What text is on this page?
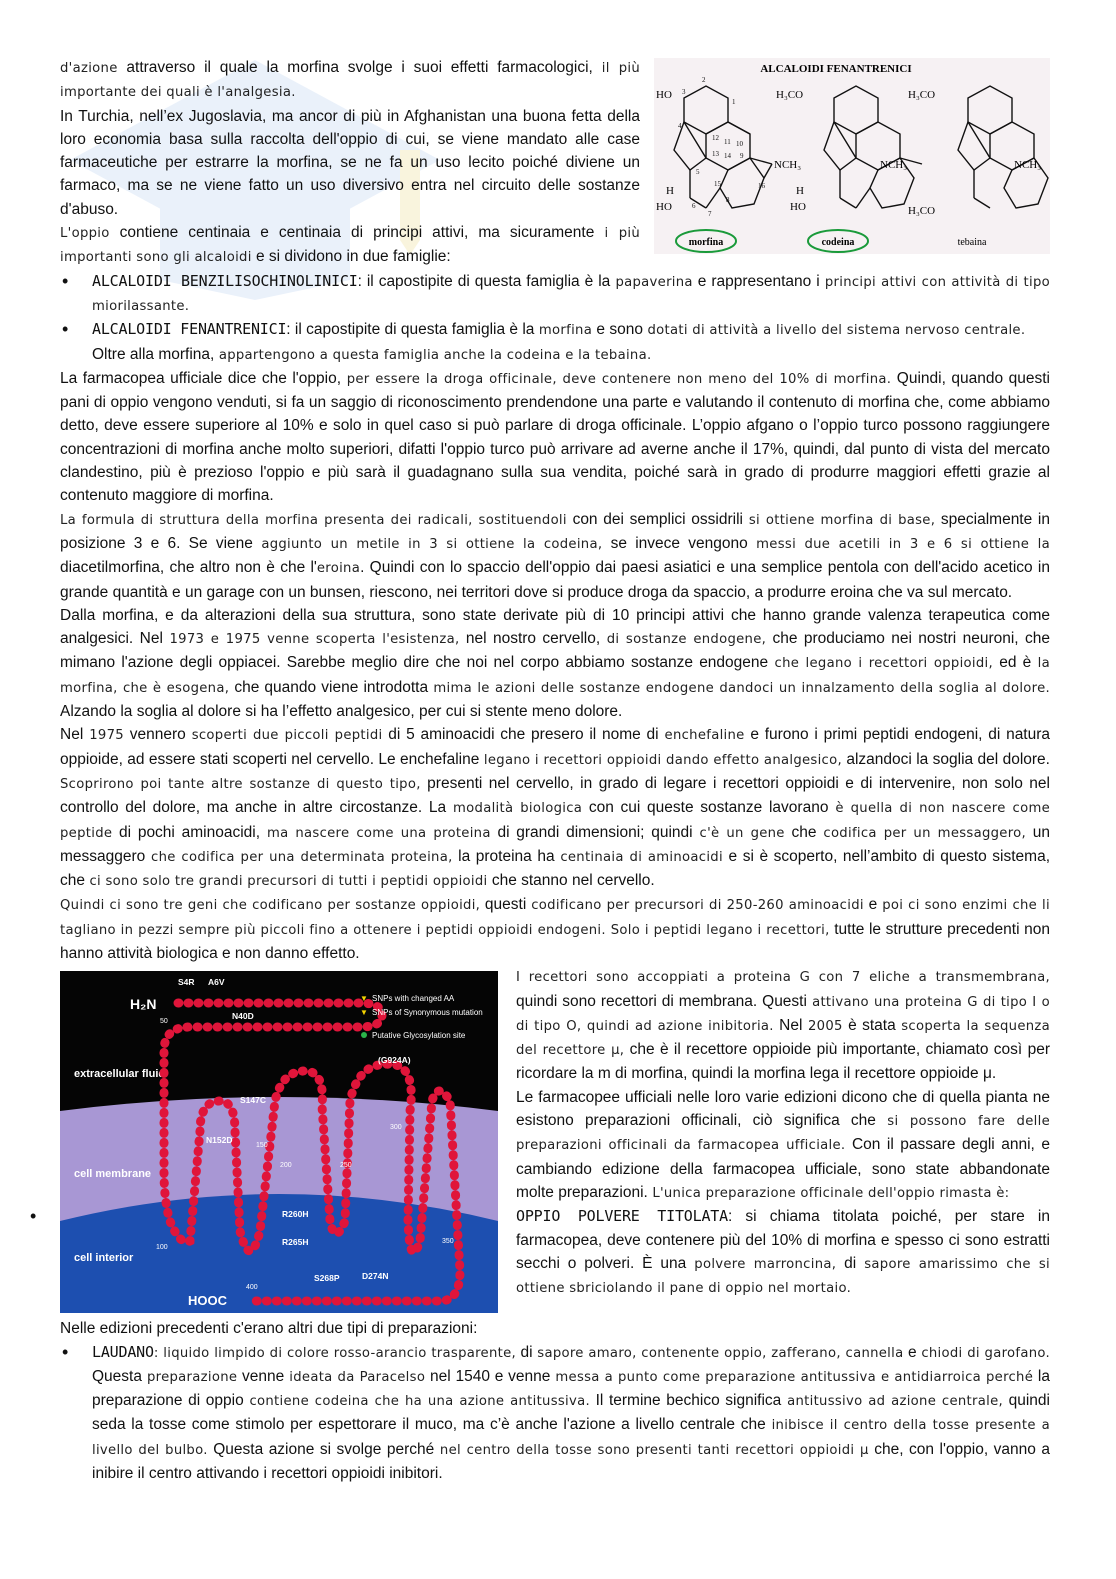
ALCALOIDI FENANTRENICI
HO
NCH₃
H
HO
2
3
1
4
12 11 10
13 14 9
5
15	16
6
7
8
H₃CO
NCH₃
H
HO
H₃CO
NCH₃
H₃CO
morfina	codeina	tebaina

d'azione attraverso il quale la morfina svolge i suoi effetti farmacologici, il più importante dei quali è l'analgesia.

In Turchia, nell’ex Jugoslavia, ma ancor di più in Afghanistan una buona fetta della loro economia basa sulla raccolta dell'oppio di cui, se viene mandato alle case farmaceutiche per estrarre la morfina, se ne fa un uso lecito poiché diviene un farmaco, ma se ne viene fatto un uso diversivo entra nel circuito delle sostanze d'abuso.

L'oppio contiene centinaia e centinaia di principi attivi, ma sicuramente i più importanti sono gli alcaloidi e si dividono in due famiglie:

• ALCALOIDI BENZILISOCHINOLINICI: il capostipite di questa famiglia è la papaverina e rappresentano i principi attivi con attività di tipo miorilassante.
• ALCALOIDI FENANTRENICI: il capostipite di questa famiglia è la morfina e sono dotati di attività a livello del sistema nervoso centrale.
Oltre alla morfina, appartengono a questa famiglia anche la codeina e la tebaina.

La farmacopea ufficiale dice che l'oppio, per essere la droga officinale, deve contenere non meno del 10% di morfina. Quindi, quando questi pani di oppio vengono venduti, si fa un saggio di riconoscimento prendendone una parte e valutando il contenuto di morfina che, come abbiamo detto, deve essere superiore al 10% e solo in quel caso si può parlare di droga officinale. L’oppio afgano o l’oppio turco possono raggiungere concentrazioni di morfina anche molto superiori, difatti l'oppio turco può arrivare ad averne anche il 17%, quindi, dal punto di vista del mercato clandestino, più è prezioso l'oppio e più sarà il guadagnano sulla sua vendita, poiché sarà in grado di produrre maggiori effetti grazie al contenuto maggiore di morfina.

La formula di struttura della morfina presenta dei radicali, sostituendoli con dei semplici ossidrili si ottiene morfina di base, specialmente in posizione 3 e 6. Se viene aggiunto un metile in 3 si ottiene la codeina, se invece vengono messi due acetili in 3 e 6 si ottiene la diacetilmorfina, che altro non è che l'eroina. Quindi con lo spaccio dell'oppio dai paesi asiatici e una semplice pentola con dell'acido acetico in grande quantità e un garage con un bunsen, riescono, nei territori dove si produce droga da spaccio, a produrre eroina che va sul mercato.

Dalla morfina, e da alterazioni della sua struttura, sono state derivate più di 10 principi attivi che hanno grande valenza terapeutica come analgesici. Nel 1973 e 1975 venne scoperta l'esistenza, nel nostro cervello, di sostanze endogene, che produciamo nei nostri neuroni, che mimano l'azione degli oppiacei. Sarebbe meglio dire che noi nel corpo abbiamo sostanze endogene che legano i recettori oppioidi, ed è la morfina, che è esogena, che quando viene introdotta mima le azioni delle sostanze endogene dandoci un innalzamento della soglia al dolore. Alzando la soglia al dolore si ha l’effetto analgesico, per cui si stente meno dolore.

Nel 1975 vennero scoperti due piccoli peptidi di 5 aminoacidi che presero il nome di enchefaline e furono i primi peptidi endogeni, di natura oppioide, ad essere stati scoperti nel cervello. Le enchefaline legano i recettori oppioidi dando effetto analgesico, alzandoci la soglia del dolore. Scoprirono poi tante altre sostanze di questo tipo, presenti nel cervello, in grado di legare i recettori oppioidi e di intervenire, non solo nel controllo del dolore, ma anche in altre circostanze. La modalità biologica con cui queste sostanze lavorano è quella di non nascere come peptide di pochi aminoacidi, ma nascere come una proteina di grandi dimensioni; quindi c'è un gene che codifica per un messaggero, un messaggero che codifica per una determinata proteina, la proteina ha centinaia di aminoacidi e si è scoperto, nell’ambito di questo sistema, che ci sono solo tre grandi precursori di tutti i peptidi oppioidi che stanno nel cervello.

Quindi ci sono tre geni che codificano per sostanze oppioidi, questi codificano per precursori di 250-260 aminoacidi e poi ci sono enzimi che li tagliano in pezzi sempre più piccoli fino a ottenere i peptidi oppioidi endogeni. Solo i peptidi legano i recettori, tutte le strutture precedenti non hanno attività biologica e non danno effetto.

extracellular fluid
cell membrane
cell interior
H₂N
HOOC
▼ SNPs with changed AA
▼ SNPs of Synonymous mutation
Putative Glycosylation site
S4R A6V
N40D
S147C
N152D
(G924A)
R260H
R265H
S268P	D274N
50
100
150
200	250
300
350
400

I recettori sono accoppiati a proteina G con 7 eliche a transmembrana, quindi sono recettori di membrana. Questi attivano una proteina G di tipo I o di tipo O, quindi ad azione inibitoria. Nel 2005 è stata scoperta la sequenza del recettore μ, che è il recettore oppioide più importante, chiamato così per ricordare la m di morfina, quindi la morfina lega il recettore oppioide μ.

Le farmacopee ufficiali nelle loro varie edizioni dicono che di quella pianta ne esistono preparazioni officinali, ciò significa che si possono fare delle preparazioni officinali da farmacopea ufficiale. Con il passare degli anni, e cambiando edizione della farmacopea ufficiale, sono state abbandonate molte preparazioni. L'unica preparazione officinale dell'oppio rimasta è:

• OPPIO POLVERE TITOLATA: si chiama titolata poiché, per stare in farmacopea, deve contenere più del 10% di morfina e spesso ci sono estratti secchi o polveri. È una polvere marroncina, di sapore amarissimo che si ottiene sbriciolando il pane di oppio nel mortaio.

Nelle edizioni precedenti c'erano altri due tipi di preparazioni:

• LAUDANO: liquido limpido di colore rosso-arancio trasparente, di sapore amaro, contenente oppio, zafferano, cannella e chiodi di garofano. Questa preparazione venne ideata da Paracelso nel 1540 e venne messa a punto come preparazione antitussiva e antidiarroica perché la preparazione di oppio contiene codeina che ha una azione antitussiva. Il termine bechico significa antitussivo ad azione centrale, quindi seda la tosse come stimolo per espettorare il muco, ma c’è anche l'azione a livello centrale che inibisce il centro della tosse presente a livello del bulbo. Questa azione si svolge perché nel centro della tosse sono presenti tanti recettori oppioidi μ che, con l'oppio, vanno a inibire il centro attivando i recettori oppioidi inibitori.
